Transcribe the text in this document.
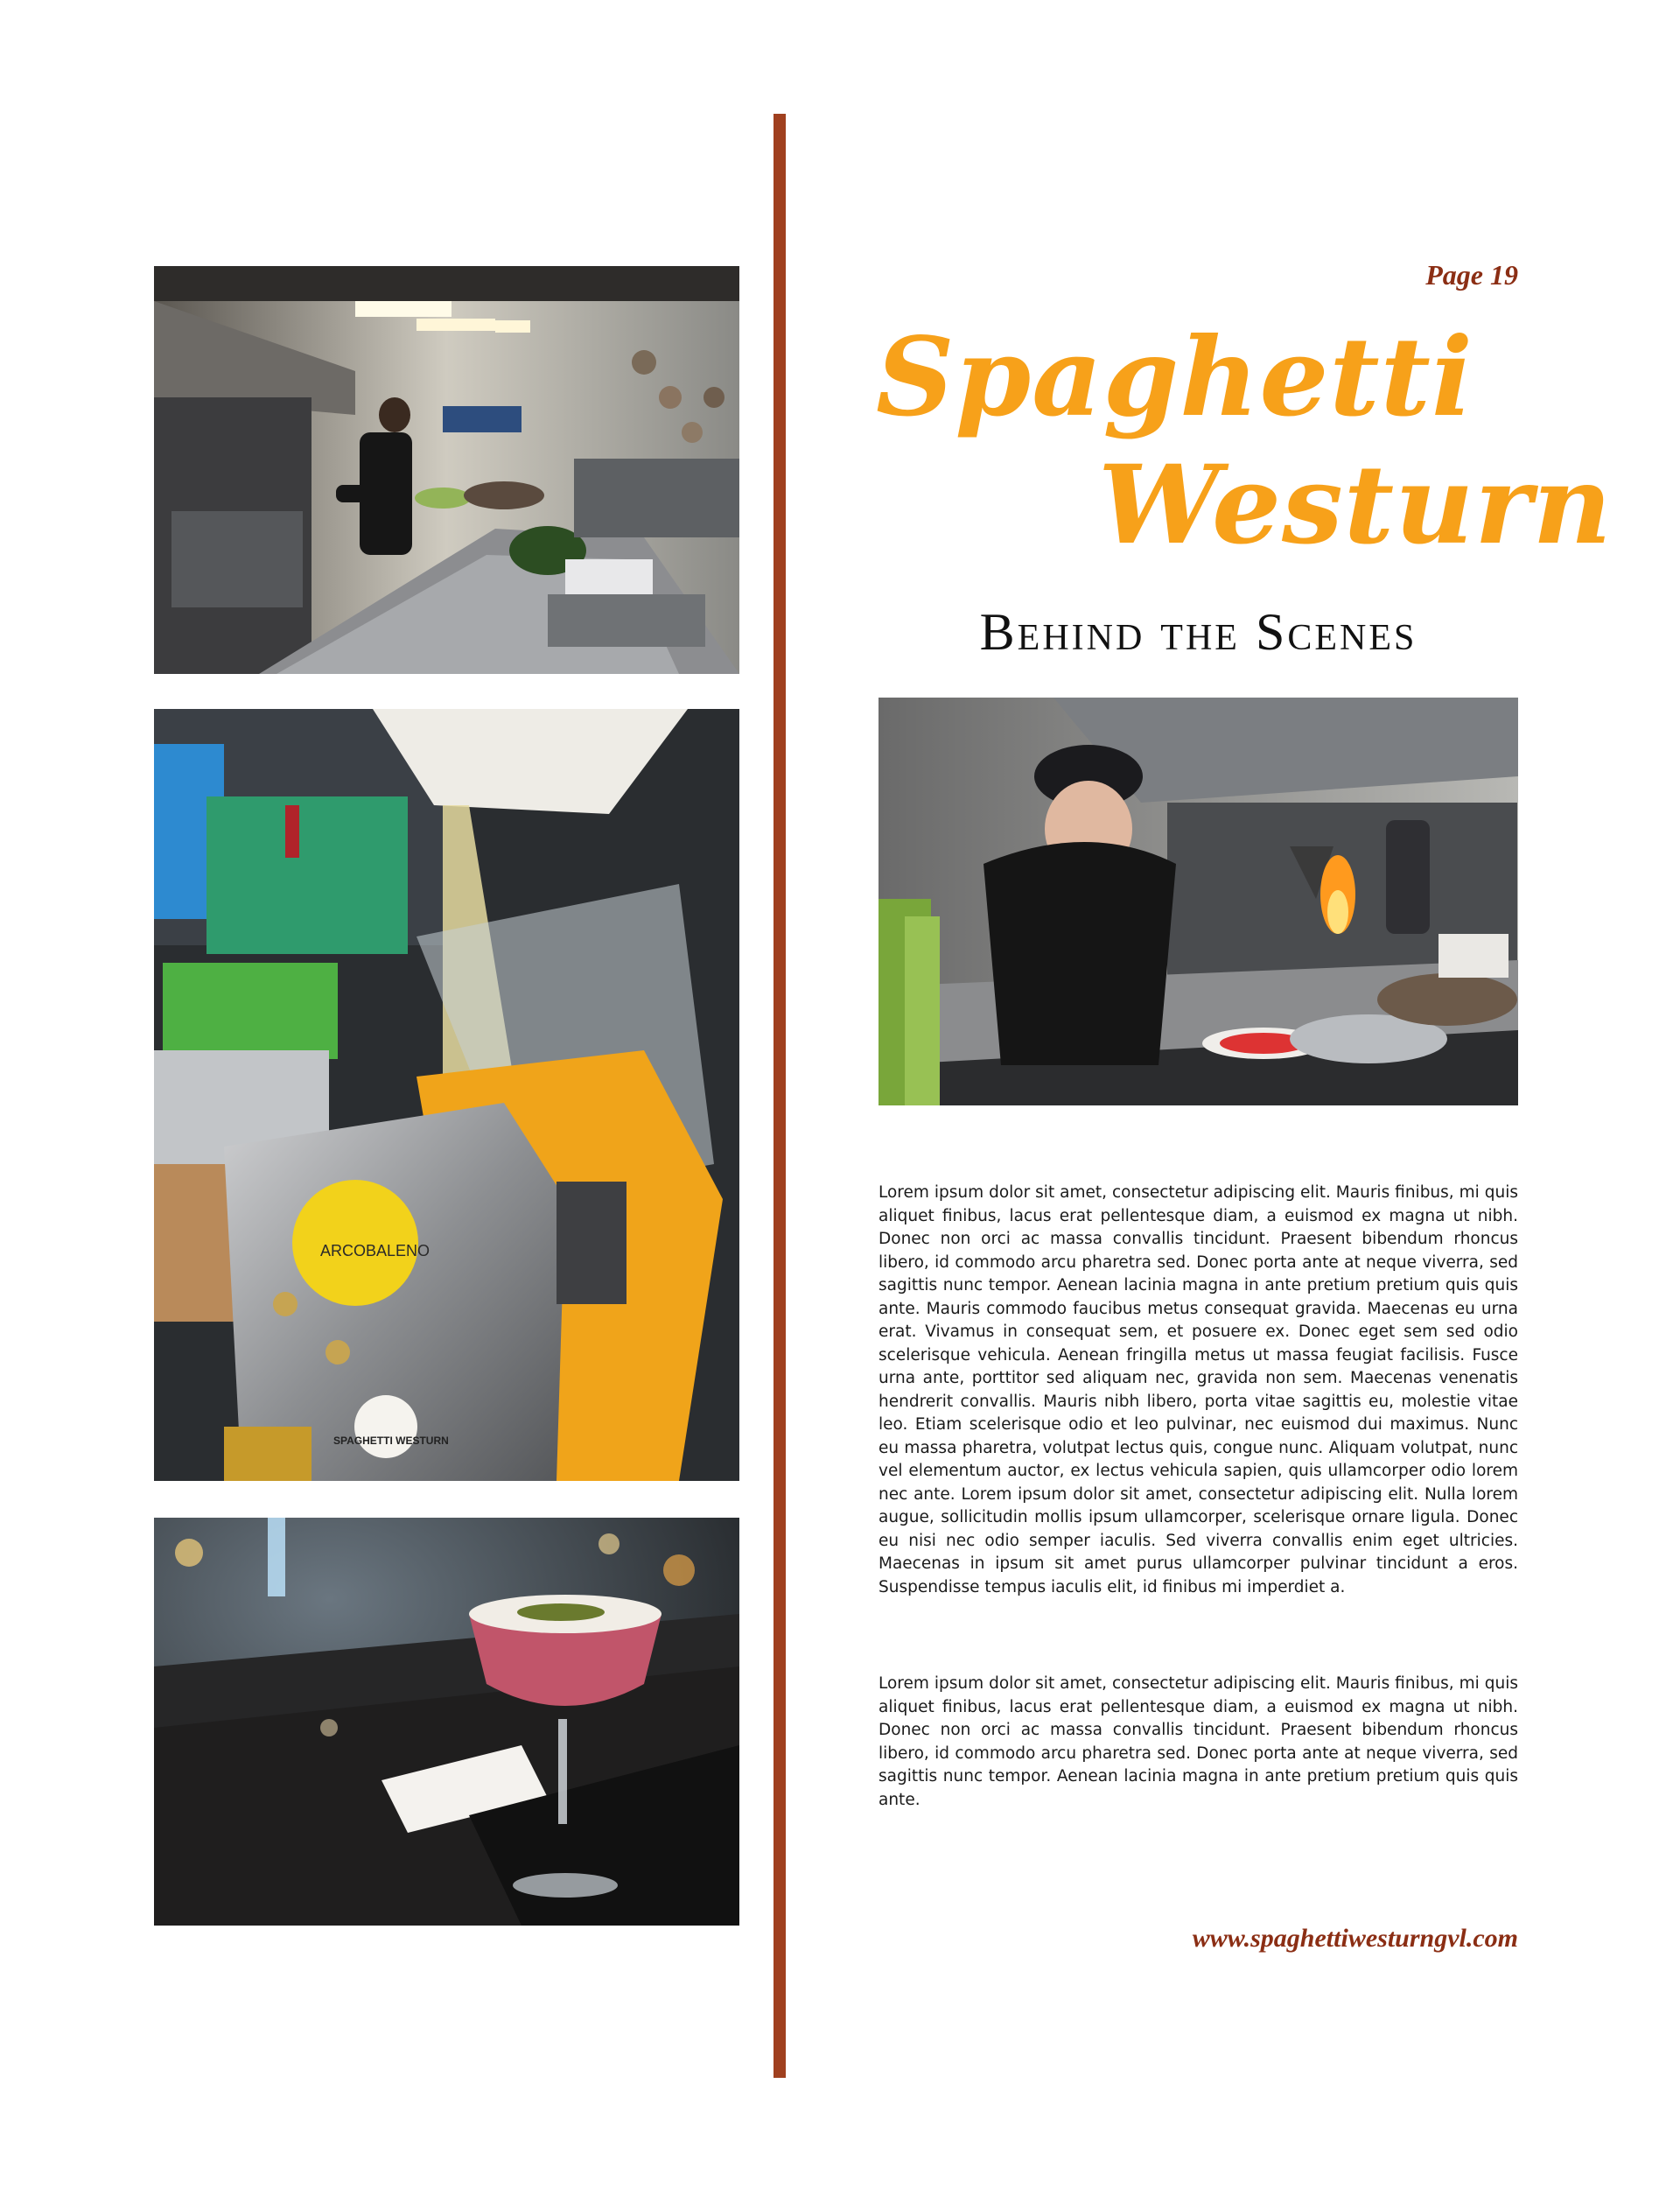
ARCOBALENO
SPAGHETTI WESTURN
Page 19
Spaghetti
Westurn
Behind the Scenes

Lorem ipsum dolor sit amet, consectetur adipiscing elit. Mauris finibus, mi quis aliquet finibus, lacus erat pellentesque diam, a euismod ex magna ut nibh. Donec non orci ac massa convallis tincidunt. Praesent bibendum rhoncus libero, id commodo arcu pharetra sed. Donec porta ante at neque viverra, sed sagittis nunc tempor. Aenean lacinia magna in ante pretium pretium quis quis ante. Mauris commodo faucibus metus consequat gravida. Maecenas eu urna erat. Vivamus in consequat sem, et posuere ex. Donec eget sem sed odio scelerisque vehicula. Aenean fringilla metus ut massa feugiat facilisis. Fusce urna ante, porttitor sed aliquam nec, gravida non sem. Maecenas venenatis hendrerit convallis. Mauris nibh libero, porta vitae sagittis eu, molestie vitae leo. Etiam scelerisque odio et leo pulvinar, nec euismod dui maximus. Nunc eu massa pharetra, volutpat lectus quis, congue nunc. Aliquam volutpat, nunc vel elementum auctor, ex lectus vehicula sapien, quis ullamcorper odio lorem nec ante. Lorem ipsum dolor sit amet, consectetur adipiscing elit. Nulla lorem augue, sollicitudin mollis ipsum ullamcorper, scelerisque ornare ligula. Donec eu nisi nec odio semper iaculis. Sed viverra convallis enim eget ultricies. Maecenas in ipsum sit amet purus ullamcorper pulvinar tincidunt a eros. Suspendisse tempus iaculis elit, id finibus mi imperdiet a.

Lorem ipsum dolor sit amet, consectetur adipiscing elit. Mauris finibus, mi quis aliquet finibus, lacus erat pellentesque diam, a euismod ex magna ut nibh. Donec non orci ac massa convallis tincidunt. Praesent bibendum rhoncus libero, id commodo arcu pharetra sed. Donec porta ante at neque viverra, sed sagittis nunc tempor. Aenean lacinia magna in ante pretium pretium quis quis ante.

www.spaghettiwesturngvl.com
